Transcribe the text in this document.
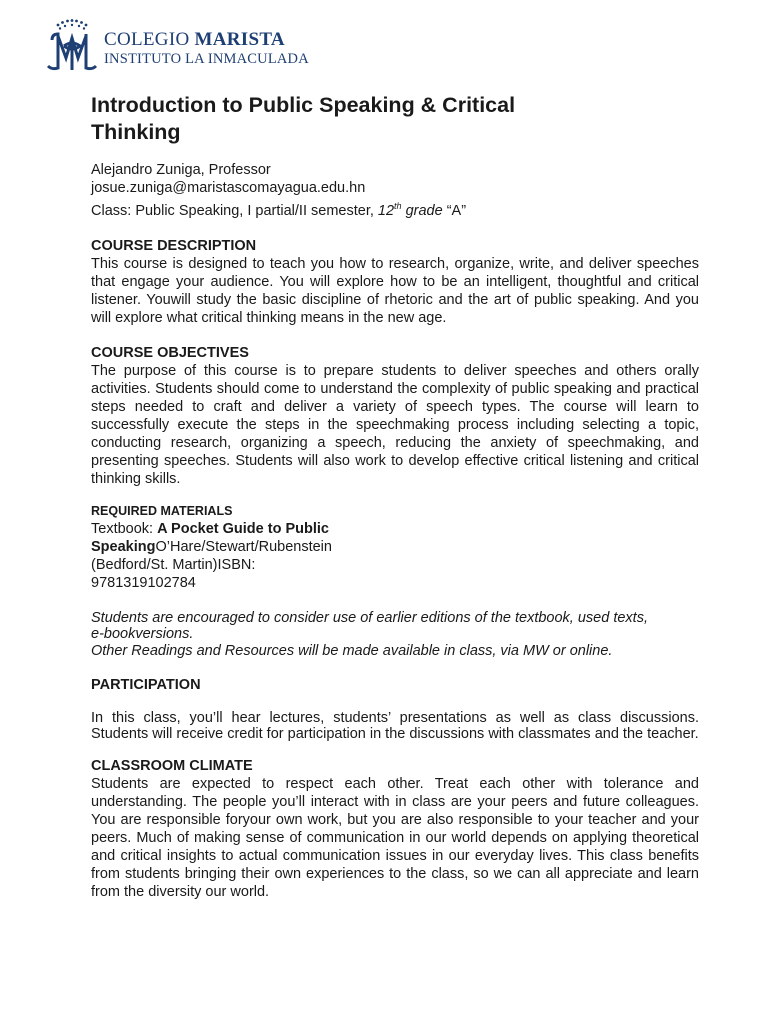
COLEGIO MARISTA
INSTITUTO LA INMACULADA
Introduction to Public Speaking & Critical Thinking
Alejandro Zuniga, Professor
josue.zuniga@maristascomayagua.edu.hn
Class: Public Speaking, I partial/II semester, 12th grade “A”
COURSE DESCRIPTION

This course is designed to teach you how to research, organize, write, and deliver speeches that engage your audience. You will explore how to be an intelligent, thoughtful and critical listener. Youwill study the basic discipline of rhetoric and the art of public speaking. And you will explore what critical thinking means in the new age.

COURSE OBJECTIVES

The purpose of this course is to prepare students to deliver speeches and others orally activities. Students should come to understand the complexity of public speaking and practical steps needed to craft and deliver a variety of speech types. The course will learn to successfully execute the steps in the speechmaking process including selecting a topic, conducting research, organizing a speech, reducing the anxiety of speechmaking, and presenting speeches. Students will also work to develop effective critical listening and critical thinking skills.

REQUIRED MATERIALS
Textbook: A Pocket Guide to Public
SpeakingO’Hare/Stewart/Rubenstein
(Bedford/St. Martin)ISBN:
9781319102784
Students are encouraged to consider use of earlier editions of the textbook, used texts, e-bookversions.
Other Readings and Resources will be made available in class, via MW or online.
PARTICIPATION

In this class, you’ll hear lectures, students’ presentations as well as class discussions. Students will receive credit for participation in the discussions with classmates and the teacher.

CLASSROOM CLIMATE

Students are expected to respect each other. Treat each other with tolerance and understanding. The people you’ll interact with in class are your peers and future colleagues. You are responsible foryour own work, but you are also responsible to your teacher and your peers. Much of making sense of communication in our world depends on applying theoretical and critical insights to actual communication issues in our everyday lives. This class benefits from students bringing their own experiences to the class, so we can all appreciate and learn from the diversity our world.
